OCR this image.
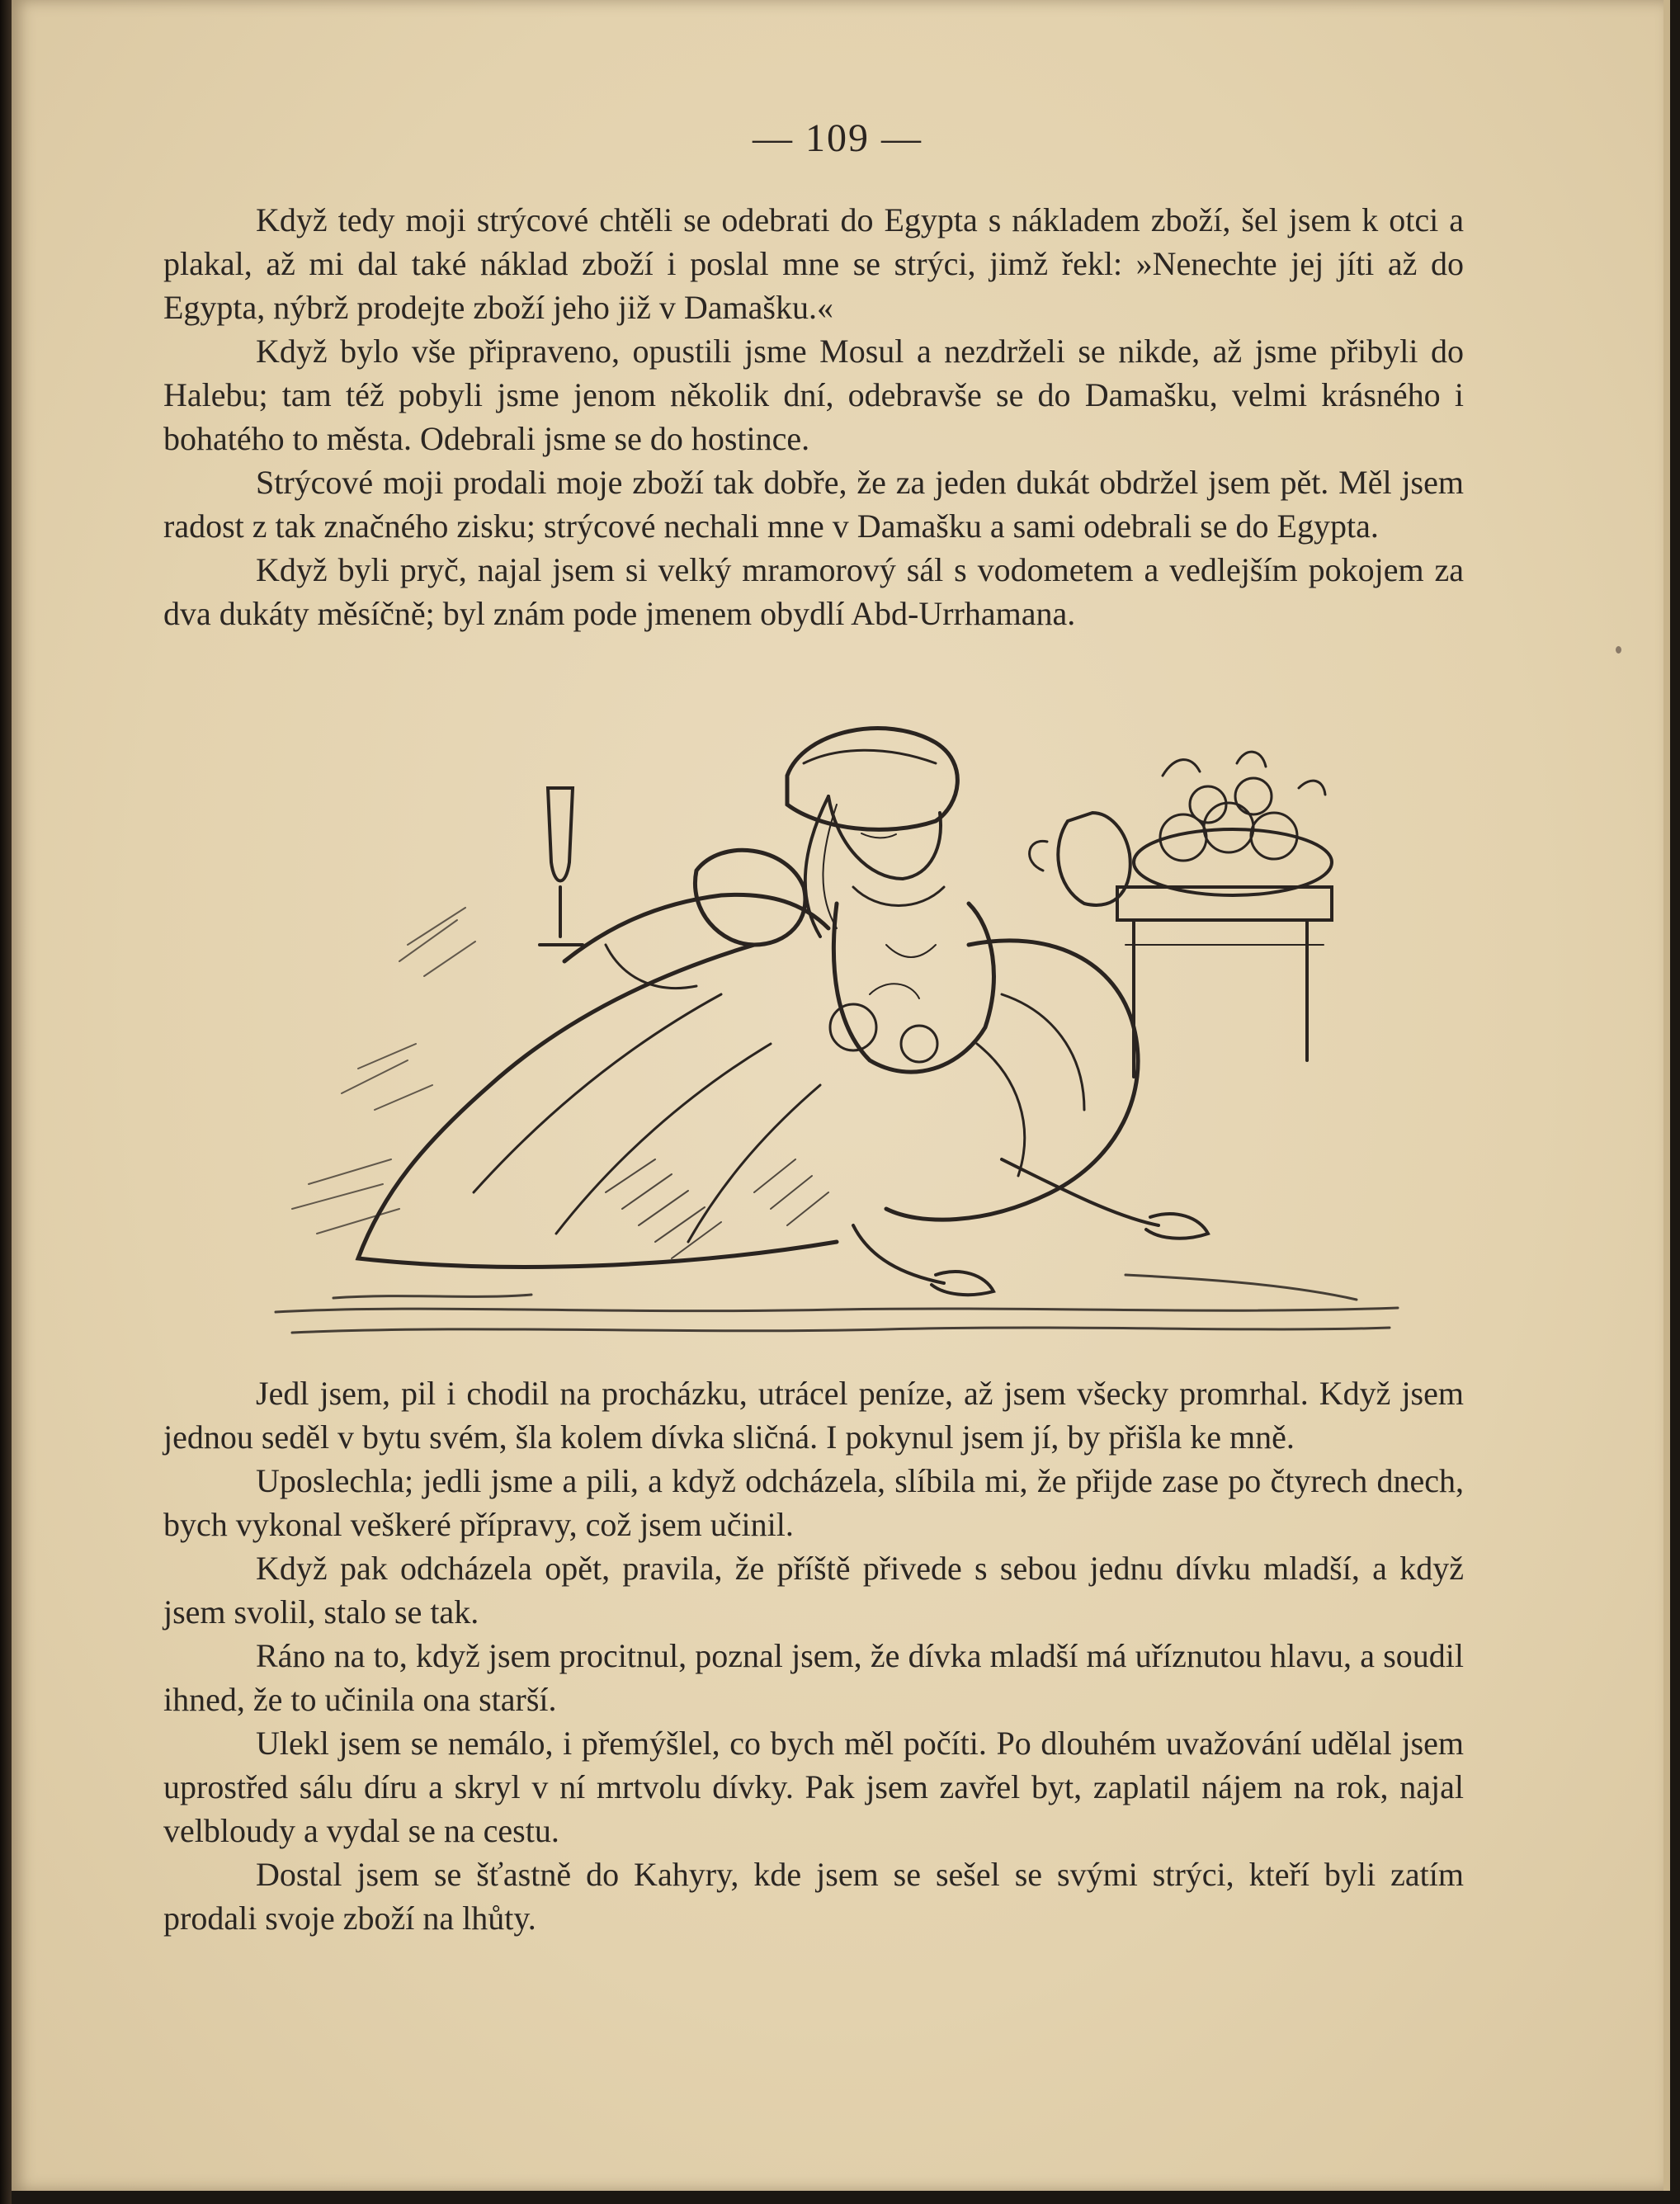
— 109 —

Když tedy moji strýcové chtěli se odebrati do Egypta s nákladem zboží, šel jsem k otci a plakal, až mi dal také náklad zboží i poslal mne se strýci, jimž řekl: »Nenechte jej jíti až do Egypta, nýbrž prodejte zboží jeho již v Damašku.«

Když bylo vše připraveno, opustili jsme Mosul a nezdrželi se nikde, až jsme přibyli do Halebu; tam též pobyli jsme jenom několik dní, odebravše se do Damašku, velmi krásného i bohatého to města. Odebrali jsme se do hostince.

Strýcové moji prodali moje zboží tak dobře, že za jeden dukát obdržel jsem pět. Měl jsem radost z tak značného zisku; strýcové nechali mne v Damašku a sami odebrali se do Egypta.

Když byli pryč, najal jsem si velký mramorový sál s vodometem a vedlejším pokojem za dva dukáty měsíčně; byl znám pode jmenem obydlí Abd-Urrhamana.

Jedl jsem, pil i chodil na procházku, utrácel peníze, až jsem všecky promrhal. Když jsem jednou seděl v bytu svém, šla kolem dívka sličná. I pokynul jsem jí, by přišla ke mně.

Uposlechla; jedli jsme a pili, a když odcházela, slíbila mi, že přijde zase po čtyrech dnech, bych vykonal veškeré přípravy, což jsem učinil.

Když pak odcházela opět, pravila, že příště přivede s sebou jednu dívku mladší, a když jsem svolil, stalo se tak.

Ráno na to, když jsem procitnul, poznal jsem, že dívka mladší má uříznutou hlavu, a soudil ihned, že to učinila ona starší.

Ulekl jsem se nemálo, i přemýšlel, co bych měl počíti. Po dlouhém uvažování udělal jsem uprostřed sálu díru a skryl v ní mrtvolu dívky. Pak jsem zavřel byt, zaplatil nájem na rok, najal velbloudy a vydal se na cestu.

Dostal jsem se šťastně do Kahyry, kde jsem se sešel se svými strýci, kteří byli zatím prodali svoje zboží na lhůty.
